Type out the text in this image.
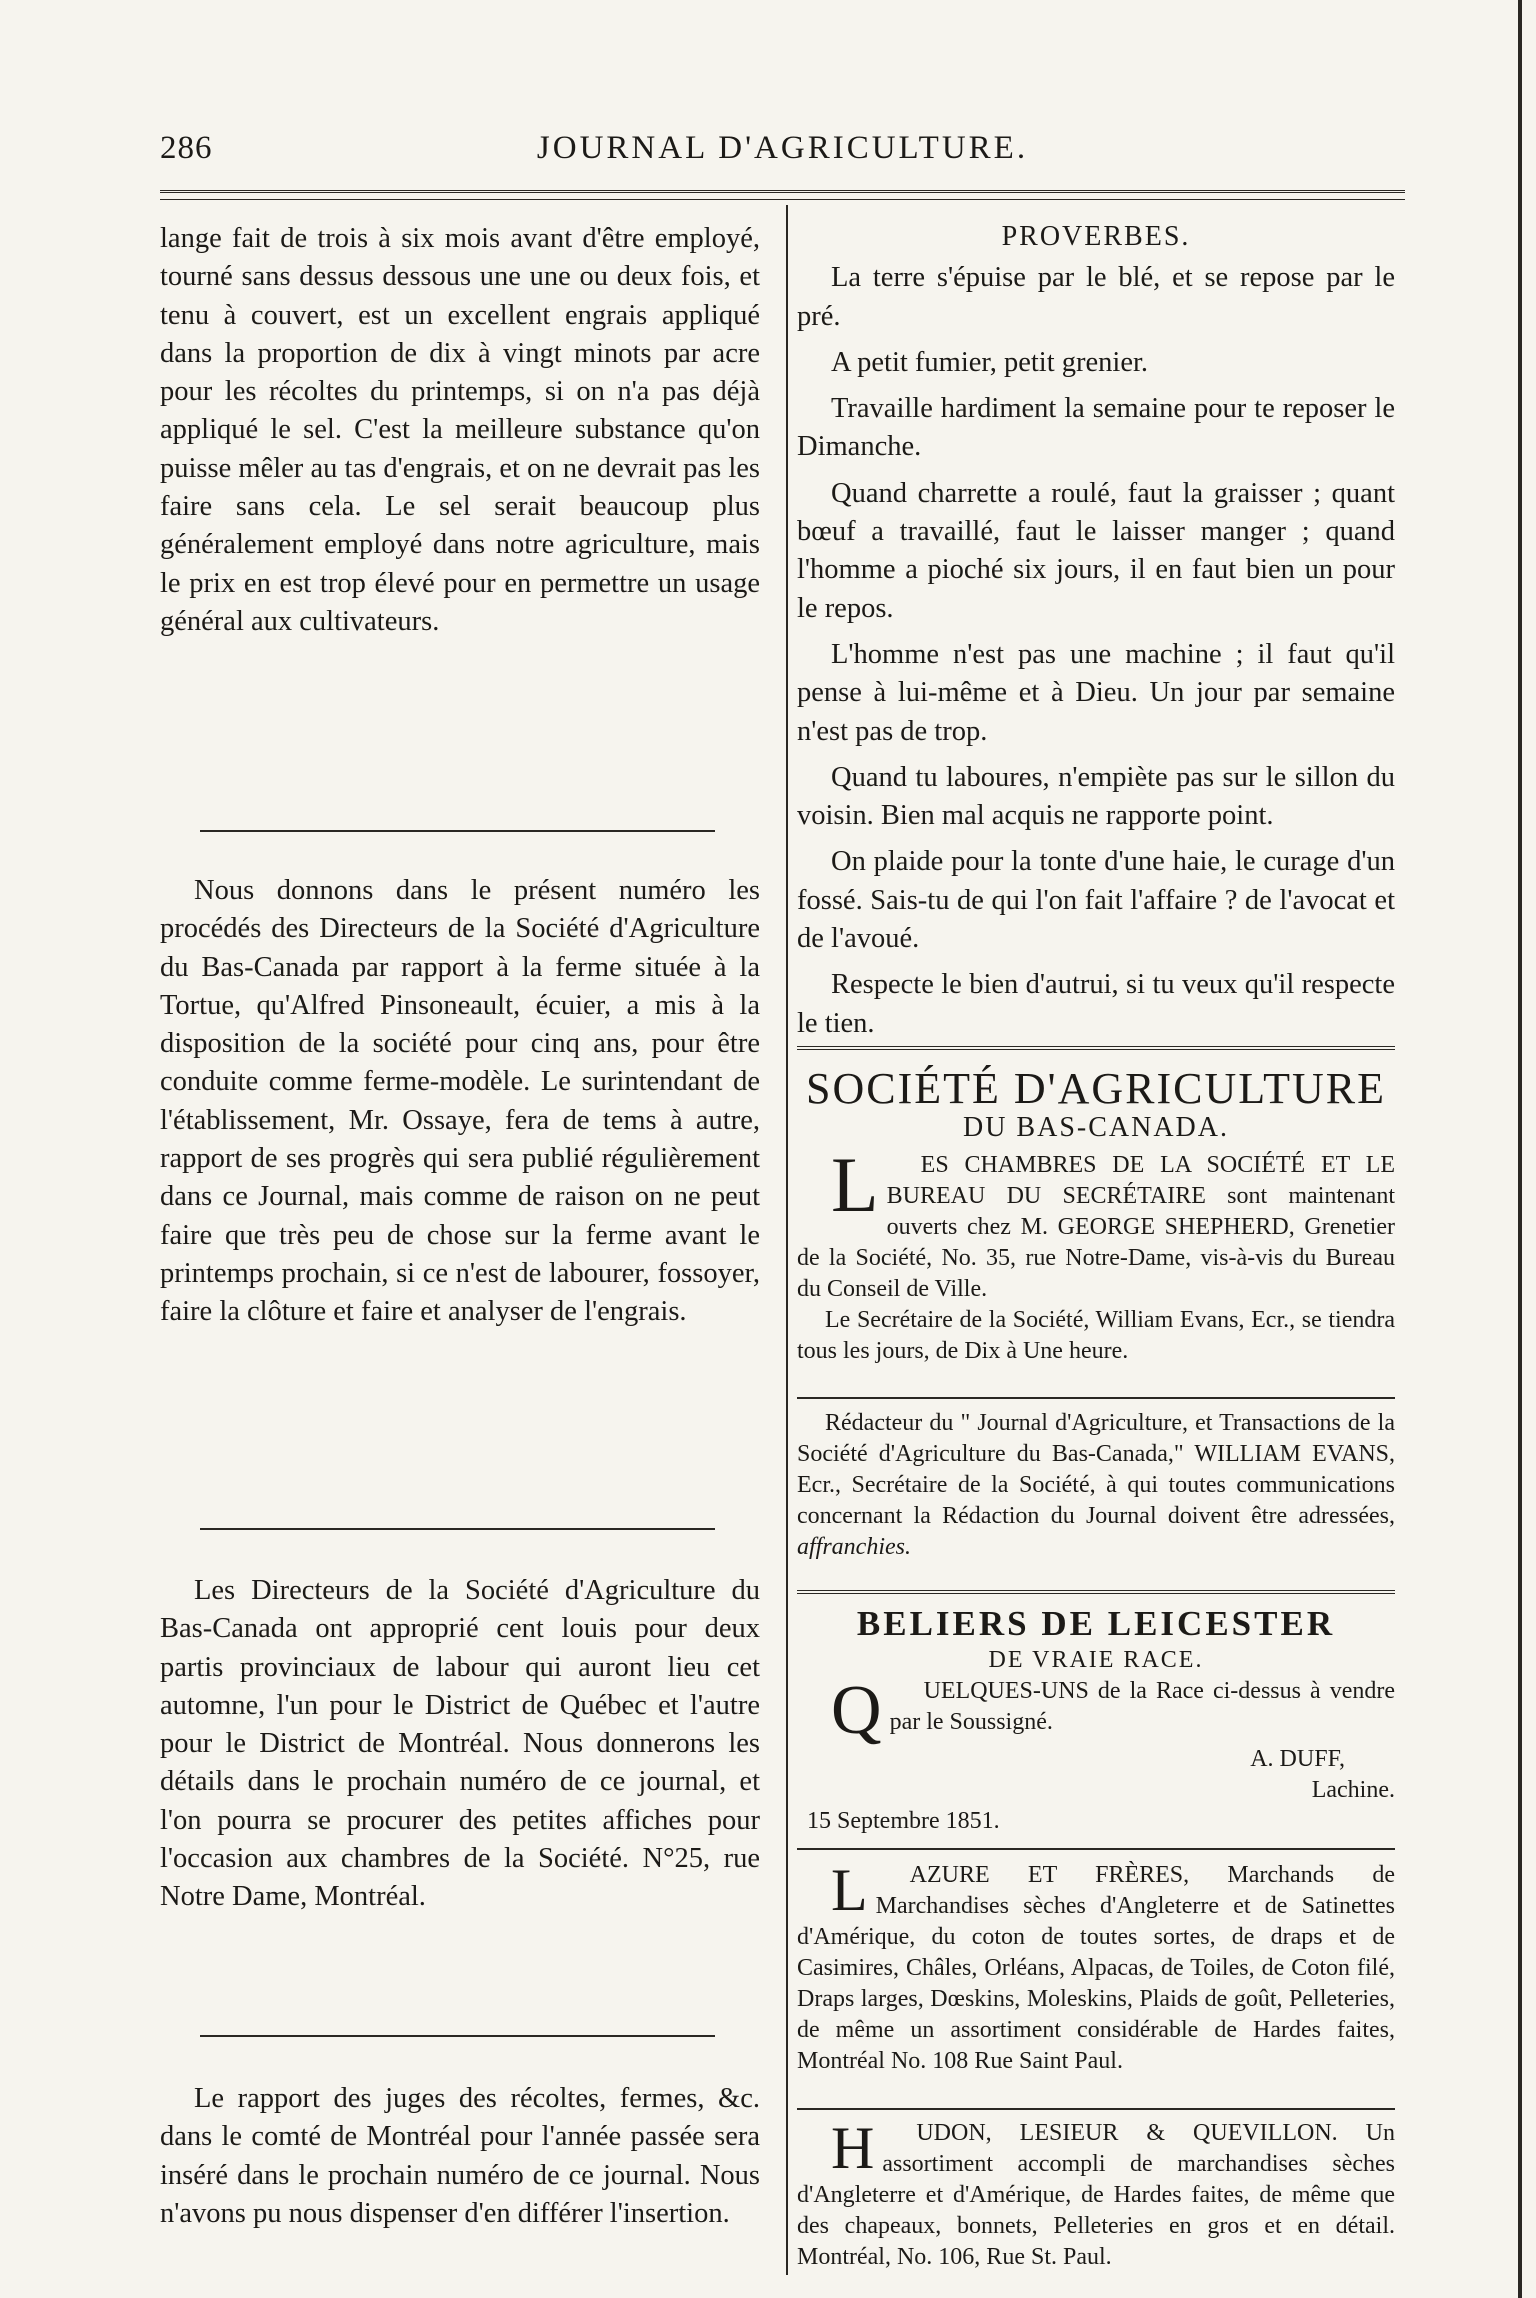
286	JOURNAL D'AGRICULTURE.

lange fait de trois à six mois avant d'être employé, tourné sans dessus dessous une une ou deux fois, et tenu à couvert, est un excellent engrais appliqué dans la proportion de dix à vingt minots par acre pour les récoltes du printemps, si on n'a pas déjà appliqué le sel. C'est la meilleure substance qu'on puisse mêler au tas d'engrais, et on ne devrait pas les faire sans cela. Le sel serait beaucoup plus généralement employé dans notre agriculture, mais le prix en est trop élevé pour en permettre un usage général aux cultivateurs.

Nous donnons dans le présent numéro les procédés des Directeurs de la Société d'Agriculture du Bas-Canada par rapport à la ferme située à la Tortue, qu'Alfred Pinsoneault, écuier, a mis à la disposition de la société pour cinq ans, pour être conduite comme ferme-modèle. Le surintendant de l'établissement, Mr. Ossaye, fera de tems à autre, rapport de ses progrès qui sera publié régulièrement dans ce Journal, mais comme de raison on ne peut faire que très peu de chose sur la ferme avant le printemps prochain, si ce n'est de labourer, fossoyer, faire la clôture et faire et analyser de l'engrais.

Les Directeurs de la Société d'Agriculture du Bas-Canada ont approprié cent louis pour deux partis provinciaux de labour qui auront lieu cet automne, l'un pour le District de Québec et l'autre pour le District de Montréal. Nous donnerons les détails dans le prochain numéro de ce journal, et l'on pourra se procurer des petites affiches pour l'occasion aux chambres de la Société. N°25, rue Notre Dame, Montréal.

Le rapport des juges des récoltes, fermes, &c. dans le comté de Montréal pour l'année passée sera inséré dans le prochain numéro de ce journal. Nous n'avons pu nous dispenser d'en différer l'insertion.

PROVERBES.

La terre s'épuise par le blé, et se repose par le pré.

A petit fumier, petit grenier.

Travaille hardiment la semaine pour te reposer le Dimanche.

Quand charrette a roulé, faut la graisser ; quant bœuf a travaillé, faut le laisser manger ; quand l'homme a pioché six jours, il en faut bien un pour le repos.

L'homme n'est pas une machine ; il faut qu'il pense à lui-même et à Dieu. Un jour par semaine n'est pas de trop.

Quand tu laboures, n'empiète pas sur le sillon du voisin. Bien mal acquis ne rapporte point.

On plaide pour la tonte d'une haie, le curage d'un fossé. Sais-tu de qui l'on fait l'affaire ? de l'avocat et de l'avoué.

Respecte le bien d'autrui, si tu veux qu'il respecte le tien.

SOCIÉTÉ D'AGRICULTURE
DU BAS-CANADA.

L ES CHAMBRES DE LA SOCIÉTÉ ET LE BUREAU DU SECRÉTAIRE sont maintenant ouverts chez M. GEORGE SHEPHERD, Grenetier de la Société, No. 35, rue Notre-Dame, vis-à-vis du Bureau du Conseil de Ville.

Le Secrétaire de la Société, William Evans, Ecr., se tiendra tous les jours, de Dix à Une heure.

Rédacteur du " Journal d'Agriculture, et Transactions de la Société d'Agriculture du Bas-Canada," WILLIAM EVANS, Ecr., Secrétaire de la Société, à qui toutes communications concernant la Rédaction du Journal doivent être adressées, affranchies.

BELIERS DE LEICESTER
DE VRAIE RACE.

Q UELQUES-UNS de la Race ci-dessus à vendre par le Soussigné.

A. DUFF,

Lachine.

15 Septembre 1851.

L AZURE ET FRÈRES, Marchands de Marchandises sèches d'Angleterre et de Satinettes d'Amérique, du coton de toutes sortes, de draps et de Casimires, Châles, Orléans, Alpacas, de Toiles, de Coton filé, Draps larges, Dœskins, Moleskins, Plaids de goût, Pelleteries, de même un assortiment considérable de Hardes faites, Montréal No. 108 Rue Saint Paul.

H UDON, LESIEUR & QUEVILLON. Un assortiment accompli de marchandises sèches d'Angleterre et d'Amérique, de Hardes faites, de même que des chapeaux, bonnets, Pelleteries en gros et en détail. Montréal, No. 106, Rue St. Paul.
